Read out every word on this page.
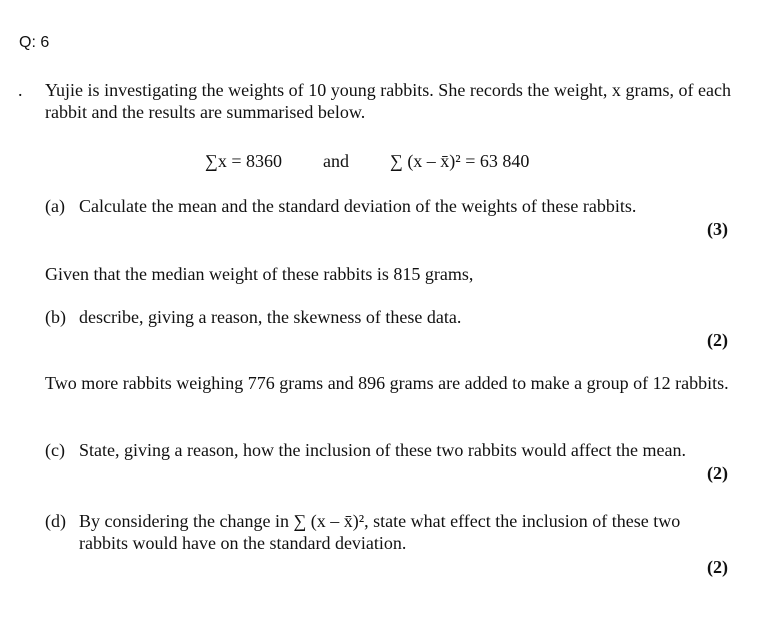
Q: 6
. Yujie is investigating the weights of 10 young rabbits. She records the weight, x grams, of each rabbit and the results are summarised below.
∑x = 8360 and ∑ (x – x̄)² = 63 840
(a) Calculate the mean and the standard deviation of the weights of these rabbits.
(3)
Given that the median weight of these rabbits is 815 grams,
(b) describe, giving a reason, the skewness of these data.
(2)
Two more rabbits weighing 776 grams and 896 grams are added to make a group of 12 rabbits.
(c) State, giving a reason, how the inclusion of these two rabbits would affect the mean.
(2)
(d) By considering the change in ∑ (x – x̄)², state what effect the inclusion of these two
rabbits would have on the standard deviation.
(2)
